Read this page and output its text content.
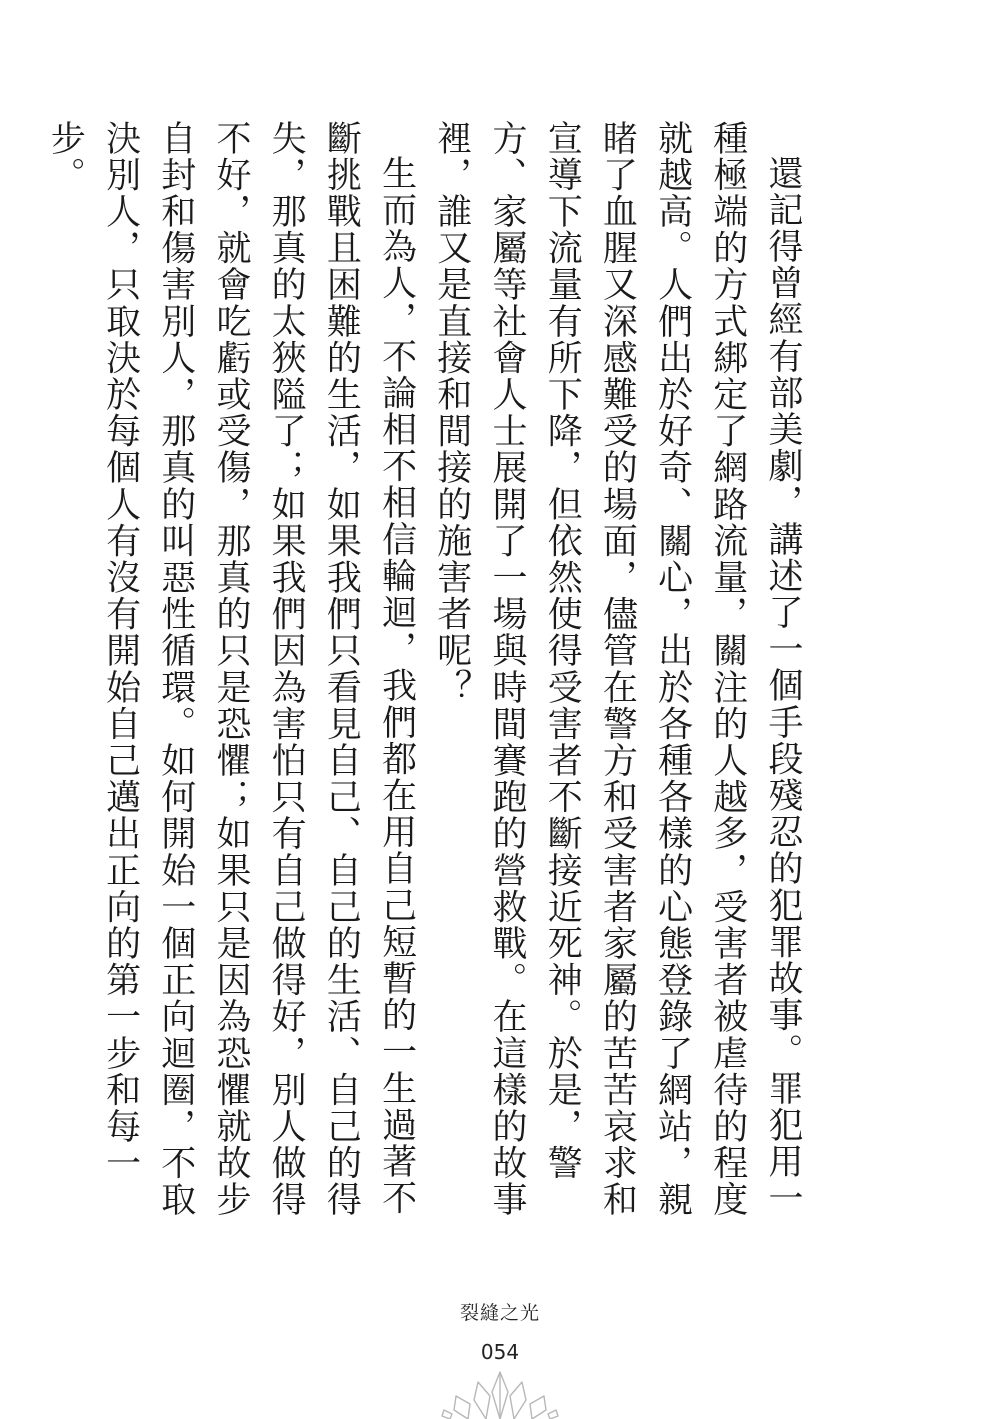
還記得曾經有部美劇，講述了一個手段殘忍的犯罪故事。罪犯用一種極端的方式綁定了網路流量，關注的人越多，受害者被虐待的程度就越高。人們出於好奇、關心，出於各種各樣的心態登錄了網站，親睹了血腥又深感難受的場面，儘管在警方和受害者家屬的苦苦哀求和宣導下流量有所下降，但依然使得受害者不斷接近死神。於是，警方、家屬等社會人士展開了一場與時間賽跑的營救戰。在這樣的故事裡，誰又是直接和間接的施害者呢？

生而為人，不論相不相信輪迴，我們都在用自己短暫的一生過著不斷挑戰且困難的生活，如果我們只看見自己、自己的生活、自己的得失，那真的太狹隘了；如果我們因為害怕只有自己做得好，別人做得不好，就會吃虧或受傷，那真的只是恐懼；如果只是因為恐懼就故步自封和傷害別人，那真的叫惡性循環。如何開始一個正向迴圈，不取決別人，只取決於每個人有沒有開始自己邁出正向的第一步和每一步。

裂縫之光
054
